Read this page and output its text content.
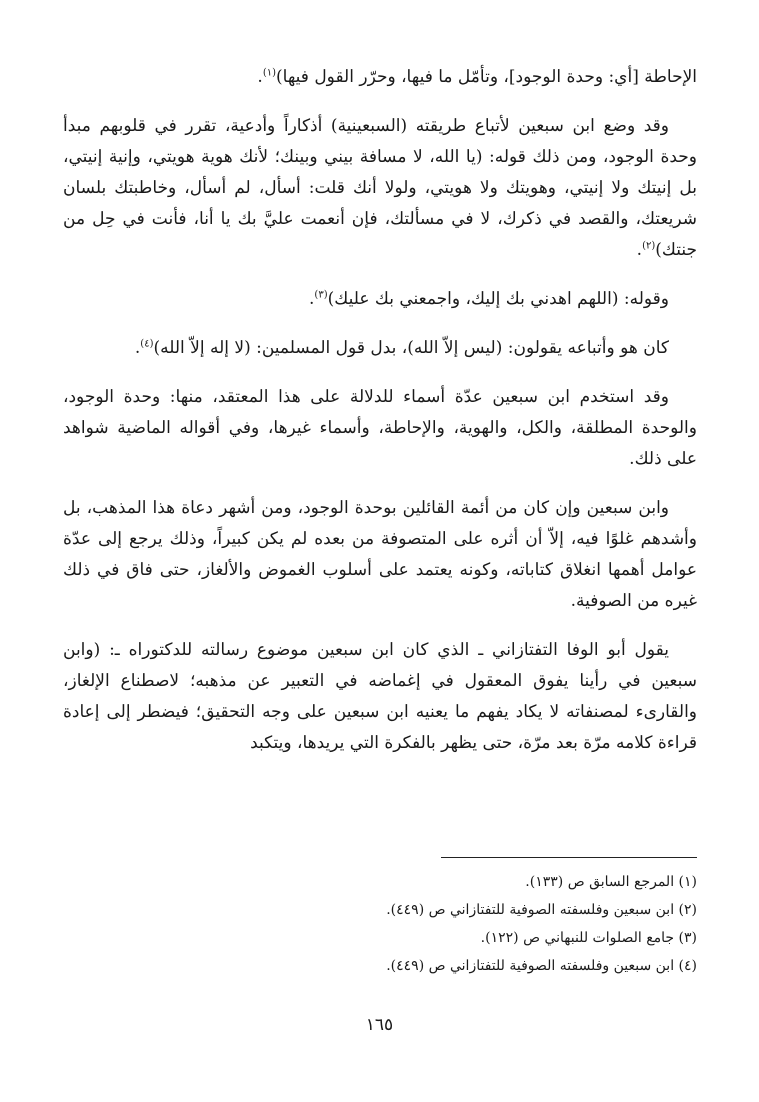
الإحاطة [أي: وحدة الوجود]، وتأمّل ما فيها، وحرّر القول فيها)$^{(١)}$.

وقد وضع ابن سبعين لأتباع طريقته (السبعينية) أذكاراً وأدعية، تقرر في قلوبهم مبدأ وحدة الوجود، ومن ذلك قوله: (يا الله، لا مسافة بيني وبينك؛ لأنك هوية هويتي، وإنية إنيتي، بل إنيتك ولا إنيتي، وهويتك ولا هويتي، ولولا أنك قلت: أسأل، لم أسأل، وخاطبتك بلسان شريعتك، والقصد في ذكرك، لا في مسألتك، فإن أنعمت عليَّ بك يا أنا، فأنت في حِل من جنتك)$^{(٢)}$.

وقوله: (اللهم اهدني بك إليك، واجمعني بك عليك)$^{(٣)}$.

كان هو وأتباعه يقولون: (ليس إلاّ الله)، بدل قول المسلمين: (لا إله إلاّ الله)$^{(٤)}$.

وقد استخدم ابن سبعين عدّة أسماء للدلالة على هذا المعتقد، منها: وحدة الوجود، والوحدة المطلقة، والكل، والهوية، والإحاطة، وأسماء غيرها، وفي أقواله الماضية شواهد على ذلك.

وابن سبعين وإن كان من أئمة القائلين بوحدة الوجود، ومن أشهر دعاة هذا المذهب، بل وأشدهم غلوًا فيه، إلاّ أن أثره على المتصوفة من بعده لم يكن كبيراً، وذلك يرجع إلى عدّة عوامل أهمها انغلاق كتاباته، وكونه يعتمد على أسلوب الغموض والألغاز، حتى فاق في ذلك غيره من الصوفية.

يقول أبو الوفا التفتازاني ـ الذي كان ابن سبعين موضوع رسالته للدكتوراه ـ: (وابن سبعين في رأينا يفوق المعقول في إغماضه في التعبير عن مذهبه؛ لاصطناع الإلغاز، والقارىء لمصنفاته لا يكاد يفهم ما يعنيه ابن سبعين على وجه التحقيق؛ فيضطر إلى إعادة قراءة كلامه مرّة بعد مرّة، حتى يظهر بالفكرة التي يريدها، ويتكبد

(١) المرجع السابق ص (١٣٣).
(٢) ابن سبعين وفلسفته الصوفية للتفتازاني ص (٤٤٩).
(٣) جامع الصلوات للنبهاني ص (١٢٢).
(٤) ابن سبعين وفلسفته الصوفية للتفتازاني ص (٤٤٩).
١٦٥
